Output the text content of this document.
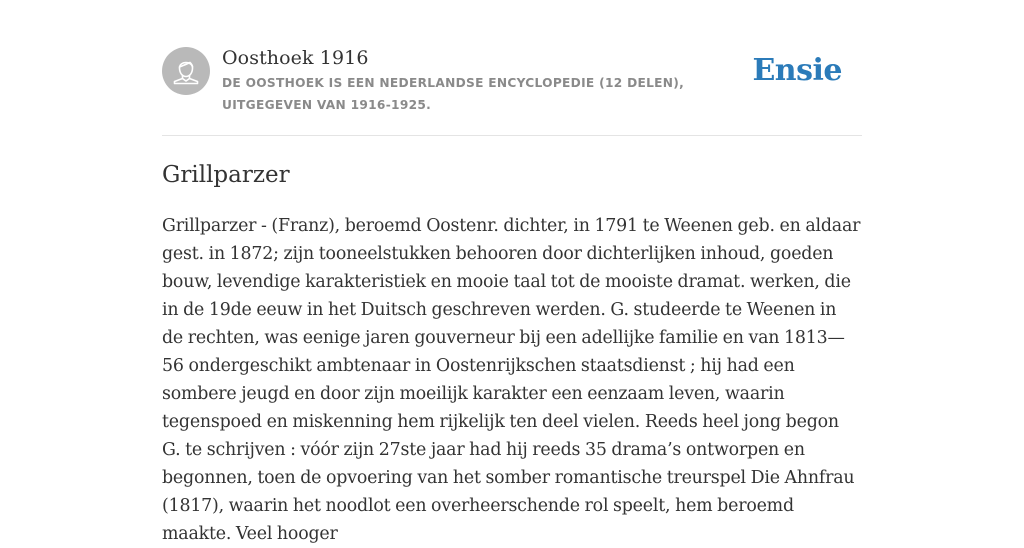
Oosthoek 1916
DE OOSTHOEK IS EEN NEDERLANDSE ENCYCLOPEDIE (12 DELEN), UITGEGEVEN VAN 1916-1925.
Ensie
Grillparzer

Grillparzer - (Franz), beroemd Oostenr. dichter, in 1791 te Weenen geb. en aldaar gest. in 1872; zijn tooneelstukken behooren door dichterlijken inhoud, goeden bouw, levendige karakteristiek en mooie taal tot de mooiste dramat. werken, die in de 19de eeuw in het Duitsch geschreven werden. G. studeerde te Weenen in de rechten, was eenige jaren gouverneur bij een adellijke familie en van 1813—56 ondergeschikt ambtenaar in Oostenrijkschen staatsdienst ; hij had een sombere jeugd en door zijn moeilijk karakter een eenzaam leven, waarin tegenspoed en miskenning hem rijkelijk ten deel vielen. Reeds heel jong begon G. te schrijven : vóór zijn 27ste jaar had hij reeds 35 drama’s ontworpen en begonnen, toen de opvoering van het somber romantische treurspel Die Ahnfrau (1817), waarin het noodlot een overheerschende rol speelt, hem beroemd maakte. Veel hooger
